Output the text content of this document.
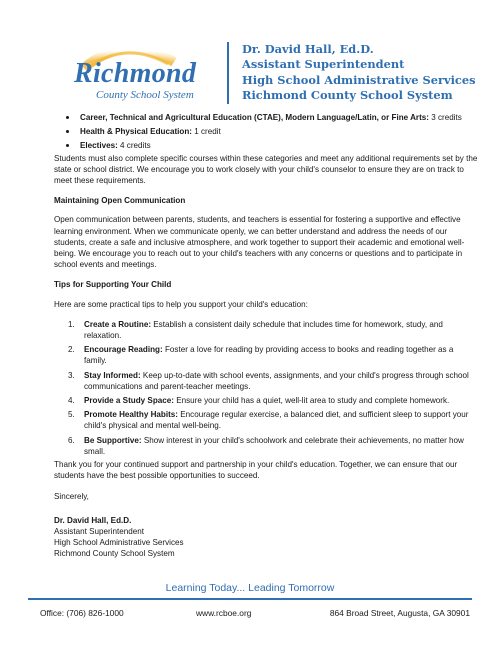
Richmond
County School System
Dr. David Hall, Ed.D.
Assistant Superintendent
High School Administrative Services
Richmond County School System
Career, Technical and Agricultural Education (CTAE), Modern Language/Latin, or Fine Arts: 3 credits
Health & Physical Education: 1 credit
Electives: 4 credits

Students must also complete specific courses within these categories and meet any additional requirements set by the state or school district. We encourage you to work closely with your child's counselor to ensure they are on track to meet these requirements.

Maintaining Open Communication

Open communication between parents, students, and teachers is essential for fostering a supportive and effective learning environment. When we communicate openly, we can better understand and address the needs of our students, create a safe and inclusive atmosphere, and work together to support their academic and emotional well-being. We encourage you to reach out to your child's teachers with any concerns or questions and to participate in school events and meetings.

Tips for Supporting Your Child

Here are some practical tips to help you support your child's education:

1. Create a Routine: Establish a consistent daily schedule that includes time for homework, study, and relaxation.
2. Encourage Reading: Foster a love for reading by providing access to books and reading together as a family.
3. Stay Informed: Keep up-to-date with school events, assignments, and your child's progress through school communications and parent-teacher meetings.
4. Provide a Study Space: Ensure your child has a quiet, well-lit area to study and complete homework.
5. Promote Healthy Habits: Encourage regular exercise, a balanced diet, and sufficient sleep to support your child's physical and mental well-being.
6. Be Supportive: Show interest in your child's schoolwork and celebrate their achievements, no matter how small.

Thank you for your continued support and partnership in your child's education. Together, we can ensure that our students have the best possible opportunities to succeed.

Sincerely,

Dr. David Hall, Ed.D.

Assistant Superintendent

High School Administrative Services

Richmond County School System

Learning Today... Leading Tomorrow
Office: (706) 826-1000	www.rcboe.org	864 Broad Street, Augusta, GA 30901
